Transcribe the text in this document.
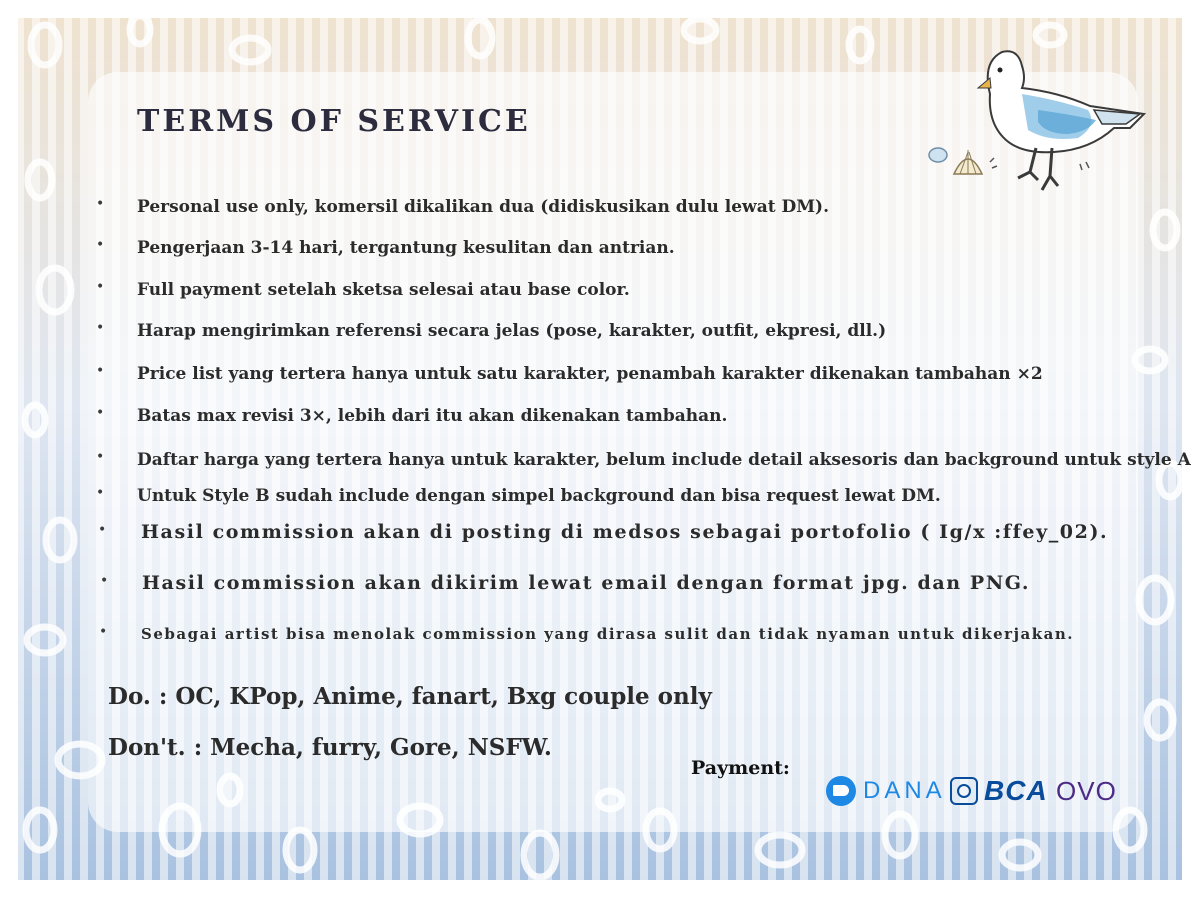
TERMS OF SERVICE
• Personal use only, komersil dikalikan dua (didiskusikan dulu lewat DM).
• Pengerjaan 3-14 hari, tergantung kesulitan dan antrian.
• Full payment setelah sketsa selesai atau base color.
• Harap mengirimkan referensi secara jelas (pose, karakter, outfit, ekpresi, dll.)
• Price list yang tertera hanya untuk satu karakter, penambah karakter dikenakan tambahan ×2
• Batas max revisi 3×, lebih dari itu akan dikenakan tambahan.
• Daftar harga yang tertera hanya untuk karakter, belum include detail aksesoris dan background untuk style A
• Untuk Style B sudah include dengan simpel background dan bisa request lewat DM.
• Hasil commission akan di posting di medsos sebagai portofolio ( Ig/x :ffey_02).
• Hasil commission akan dikirim lewat email dengan format jpg. dan PNG.
• Sebagai artist bisa menolak commission yang dirasa sulit dan tidak nyaman untuk dikerjakan.
Do. : OC, KPop, Anime, fanart, Bxg couple only
Don't. : Mecha, furry, Gore, NSFW.
Payment:
DANA BCA OVO
